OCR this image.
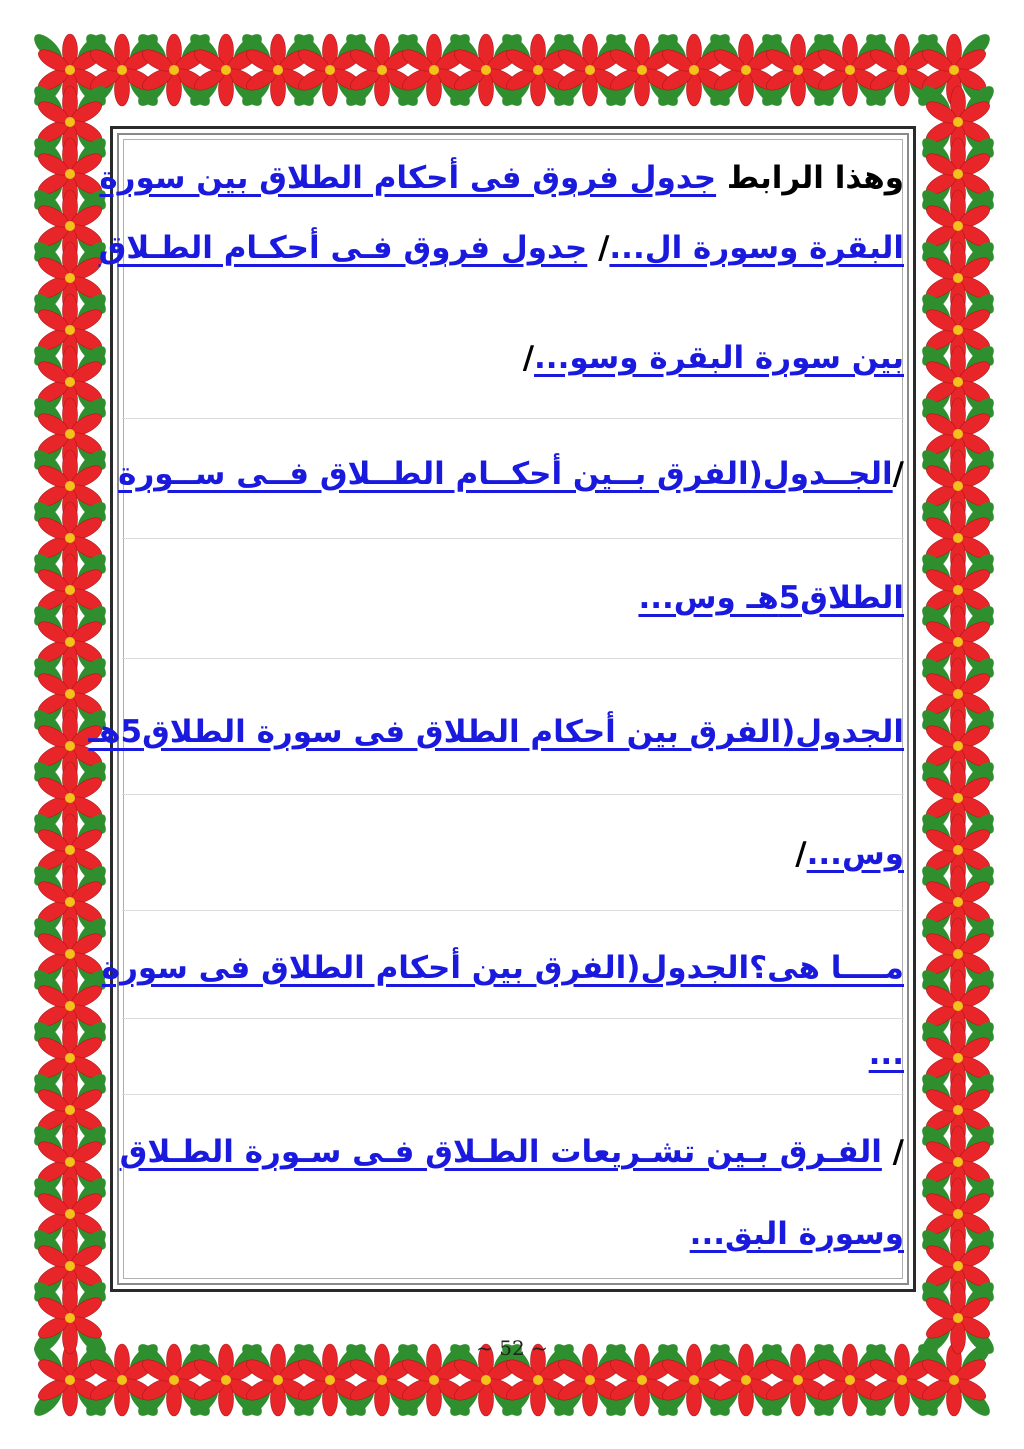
وهذا الرابط جدول فروق فى أحكام الطلاق بين سورة
البقرة وسورة ال.../ جدول فروق فـى أحكـام الطـلاق
بين سورة البقرة وسو.../
/الجــدول(الفرق بــين أحكــام الطــلاق فــى ســورة
الطلاق5هـ وس...
الجدول(الفرق بين أحكام الطلاق فى سورة الطلاق5هـ
وس.../
مــــا هى؟الجدول(الفرق بين أحكام الطلاق فى سورة
...
/ الفـرق بـين تشـريعات الطـلاق فـى سـورة الطـلاق
وسورة البق...
~ 52 ~
